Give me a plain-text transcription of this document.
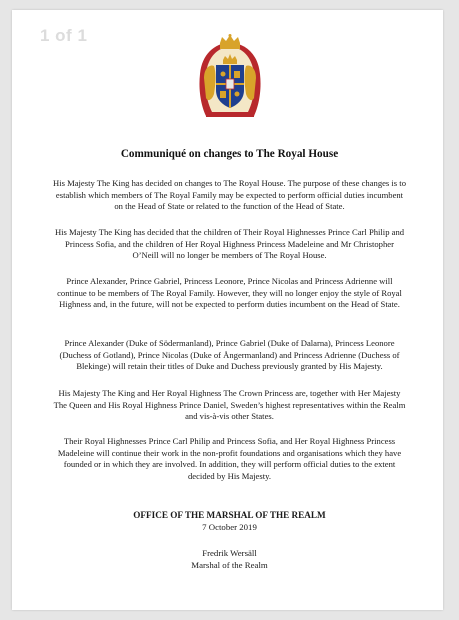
1 of 1
Communiqué on changes to The Royal House

His Majesty The King has decided on changes to The Royal House. The purpose of these changes is to establish which members of The Royal Family may be expected to perform official duties incumbent on the Head of State or related to the function of the Head of State.

His Majesty The King has decided that the children of Their Royal Highnesses Prince Carl Philip and Princess Sofia, and the children of Her Royal Highness Princess Madeleine and Mr Christopher O’Neill will no longer be members of The Royal House.

Prince Alexander, Prince Gabriel, Princess Leonore, Prince Nicolas and Princess Adrienne will continue to be members of The Royal Family. However, they will no longer enjoy the style of Royal Highness and, in the future, will not be expected to perform duties incumbent on the Head of State.

Prince Alexander (Duke of Södermanland), Prince Gabriel (Duke of Dalarna), Princess Leonore (Duchess of Gotland), Prince Nicolas (Duke of Ångermanland) and Princess Adrienne (Duchess of Blekinge) will retain their titles of Duke and Duchess previously granted by His Majesty.

His Majesty The King and Her Royal Highness The Crown Princess are, together with Her Majesty The Queen and His Royal Highness Prince Daniel, Sweden’s highest representatives within the Realm and vis-à-vis other States.

Their Royal Highnesses Prince Carl Philip and Princess Sofia, and Her Royal Highness Princess Madeleine will continue their work in the non-profit foundations and organisations which they have founded or in which they are involved. In addition, they will perform official duties to the extent decided by His Majesty.

OFFICE OF THE MARSHAL OF THE REALM
7 October 2019
Fredrik Wersäll
Marshal of the Realm
